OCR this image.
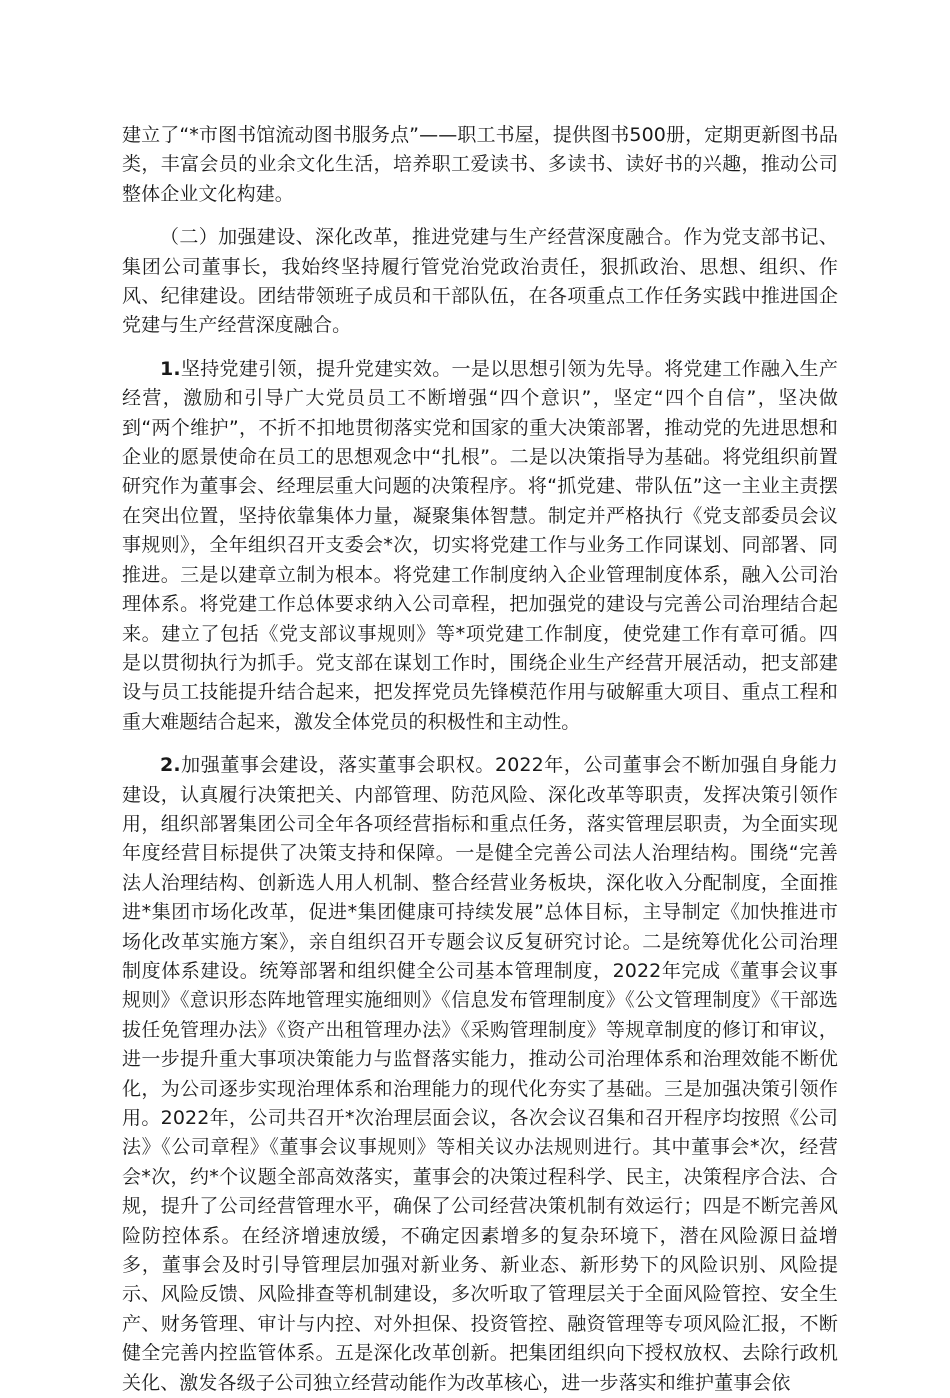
建立了“*市图书馆流动图书服务点”——职工书屋，提供图书500册，定期更新图书品类，丰富会员的业余文化生活，培养职工爱读书、多读书、读好书的兴趣，推动公司整体企业文化构建。

（二）加强建设、深化改革，推进党建与生产经营深度融合。作为党支部书记、集团公司董事长，我始终坚持履行管党治党政治责任，狠抓政治、思想、组织、作风、纪律建设。团结带领班子成员和干部队伍，在各项重点工作任务实践中推进国企党建与生产经营深度融合。

1.坚持党建引领，提升党建实效。一是以思想引领为先导。将党建工作融入生产经营，激励和引导广大党员员工不断增强“四个意识”，坚定“四个自信”，坚决做到“两个维护”，不折不扣地贯彻落实党和国家的重大决策部署，推动党的先进思想和企业的愿景使命在员工的思想观念中“扎根”。二是以决策指导为基础。将党组织前置研究作为董事会、经理层重大问题的决策程序。将“抓党建、带队伍”这一主业主责摆在突出位置，坚持依靠集体力量，凝聚集体智慧。制定并严格执行《党支部委员会议事规则》，全年组织召开支委会*次，切实将党建工作与业务工作同谋划、同部署、同推进。三是以建章立制为根本。将党建工作制度纳入企业管理制度体系，融入公司治理体系。将党建工作总体要求纳入公司章程，把加强党的建设与完善公司治理结合起来。建立了包括《党支部议事规则》等*项党建工作制度，使党建工作有章可循。四是以贯彻执行为抓手。党支部在谋划工作时，围绕企业生产经营开展活动，把支部建设与员工技能提升结合起来，把发挥党员先锋模范作用与破解重大项目、重点工程和重大难题结合起来，激发全体党员的积极性和主动性。

2.加强董事会建设，落实董事会职权。2022年，公司董事会不断加强自身能力建设，认真履行决策把关、内部管理、防范风险、深化改革等职责，发挥决策引领作用，组织部署集团公司全年各项经营指标和重点任务，落实管理层职责，为全面实现年度经营目标提供了决策支持和保障。一是健全完善公司法人治理结构。围绕“完善法人治理结构、创新选人用人机制、整合经营业务板块，深化收入分配制度，全面推进*集团市场化改革，促进*集团健康可持续发展”总体目标，主导制定《加快推进市场化改革实施方案》，亲自组织召开专题会议反复研究讨论。二是统筹优化公司治理制度体系建设。统筹部署和组织健全公司基本管理制度，2022年完成《董事会议事规则》《意识形态阵地管理实施细则》《信息发布管理制度》《公文管理制度》《干部选拔任免管理办法》《资产出租管理办法》《采购管理制度》等规章制度的修订和审议，进一步提升重大事项决策能力与监督落实能力，推动公司治理体系和治理效能不断优化，为公司逐步实现治理体系和治理能力的现代化夯实了基础。三是加强决策引领作用。2022年，公司共召开*次治理层面会议，各次会议召集和召开程序均按照《公司法》《公司章程》《董事会议事规则》等相关议办法规则进行。其中董事会*次，经营会*次，约*个议题全部高效落实，董事会的决策过程科学、民主，决策程序合法、合规，提升了公司经营管理水平，确保了公司经营决策机制有效运行；四是不断完善风险防控体系。在经济增速放缓，不确定因素增多的复杂环境下，潜在风险源日益增多，董事会及时引导管理层加强对新业务、新业态、新形势下的风险识别、风险提示、风险反馈、风险排查等机制建设，多次听取了管理层关于全面风险管控、安全生产、财务管理、审计与内控、对外担保、投资管控、融资管理等专项风险汇报，不断健全完善内控监管体系。五是深化改革创新。把集团组织向下授权放权、去除行政机关化、激发各级子公司独立经营动能作为改革核心，进一步落实和维护董事会依
